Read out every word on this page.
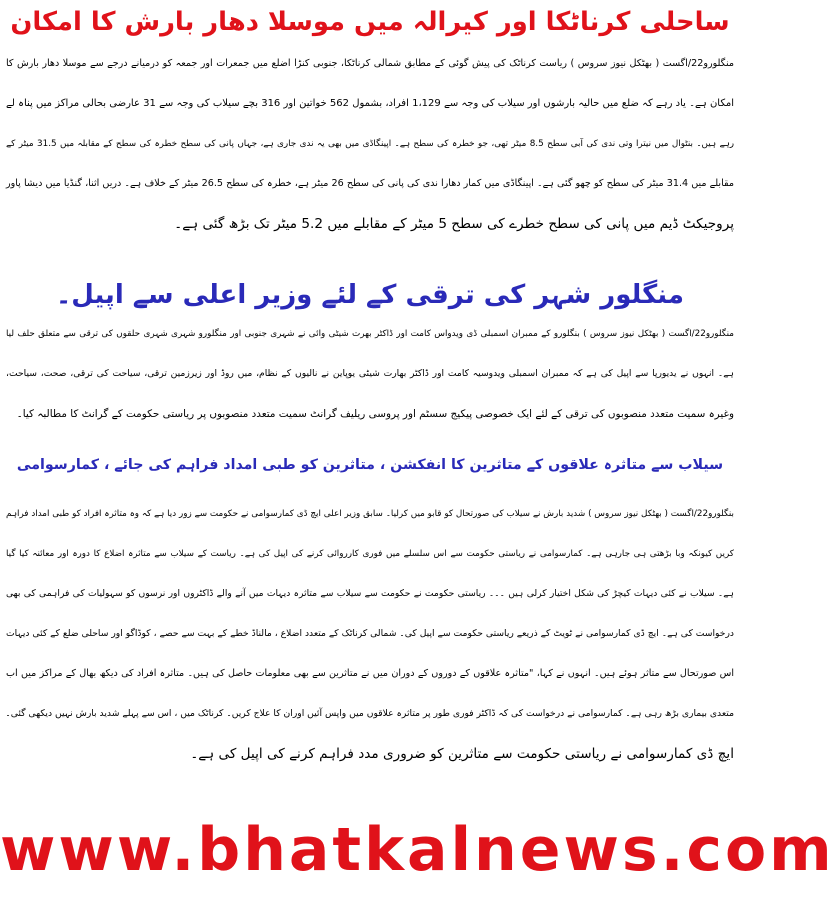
ساحلی کرناٹکا اور کیرالہ میں موسلا دھار بارش کا امکان
منگلورو22/اگست ( بھٹکل نیوز سروس ) ریاست کرناٹک کی پیش گوئی کے مطابق شمالی کرناٹکا، جنوبی کنڑا اضلع میں جمعرات اور جمعہ کو درمیانے درجے سے موسلا دھار بارش کا
امکان ہے۔ یاد رہے کہ ضلع میں حالیہ بارشوں اور سیلاب کی وجہ سے 1،129 افراد، بشمول 562 خواتین اور 316 بچے سیلاب کی وجہ سے 31 عارضی بحالی مراکز میں پناہ لے
رہے ہیں۔ بنٹوال میں نیترا وتی ندی کی آبی سطح 8.5 میٹر تھی، جو خطرہ کی سطح ہے۔ اپینگاڈی میں بھی یہ ندی جاری ہے، جہاں پانی کی سطح خطرہ کی سطح کے مقابلہ میں 31.5 میٹر کے
مقابلے میں 31.4 میٹر کی سطح کو چھو گئی ہے۔ اپینگاڈی میں کمار دھارا ندی کی پانی کی سطح 26 میٹر ہے، خطرہ کی سطح 26.5 میٹر کے خلاف ہے۔ دریں اثنا، گنڈیا میں دیشا پاور
پروجیکٹ ڈیم میں پانی کی سطح خطرے کی سطح 5 میٹر کے مقابلے میں 5.2 میٹر تک بڑھ گئی ہے۔
منگلور شہر کی ترقی کے لئے وزیر اعلی سے اپیل۔
منگلورو22/اگست ( بھٹکل نیوز سروس ) بنگلورو کے ممبران اسمبلی ڈی ویدواس کامت اور ڈاکٹر بھرت شیٹی وائی نے شہری جنوبی اور منگلورو شہری شہری حلقوں کی ترقی سے متعلق حلف لیا
ہے۔ انہوں نے یدیورپا سے اپیل کی ہے کہ ممبران اسمبلی ویدوسیہ کامت اور ڈاکٹر بھارت شیٹی یوپاین نے نالیوں کے نظام، میں روڈ اور زیرزمین ترقی، سیاحت کی ترقی، صحت، سیاحت،
وغیرہ سمیت متعدد منصوبوں کی ترقی کے لئے ایک خصوصی پیکیج سسٹم اور پروسی ریلیف گرانٹ سمیت متعدد منصوبوں پر ریاستی حکومت کے گرانٹ کا مطالبہ کیا۔
سیلاب سے متاثرہ علاقوں کے متاثرین کا انفکشن ، متاثرین کو طبی امداد فراہم کی جائے ، کمارسوامی
بنگلورو22/اگست ( بھٹکل نیوز سروس ) شدید بارش نے سیلاب کی صورتحال کو قابو میں کرلیا۔ سابق وزیر اعلی ایچ ڈی کمارسوامی نے حکومت سے زور دیا ہے کہ وہ متاثرہ افراد کو طبی امداد فراہم
کریں کیونکہ وبا بڑھتی ہی جارہی ہے۔ کمارسوامی نے ریاستی حکومت سے اس سلسلے میں فوری کارروائی کرنے کی اپیل کی ہے۔ ریاست کے سیلاب سے متاثرہ اضلاع کا دورہ اور معائنہ کیا گیا
ہے۔ سیلاب نے کئی دیہات کیچڑ کی شکل اختیار کرلی ہیں ۔۔۔ ریاستی حکومت نے حکومت سے سیلاب سے متاثرہ دیہات میں آنے والے ڈاکٹروں اور نرسوں کو سہولیات کی فراہمی کی بھی
درخواست کی ہے۔ ایچ ڈی کمارسوامی نے ٹویٹ کے ذریعے ریاستی حکومت سے اپیل کی۔ شمالی کرناٹک کے متعدد اضلاع ، مالناڈ خطے کے بہت سے حصے ، کوڈاگو اور ساحلی ضلع کے کئی دیہات
اس صورتحال سے متاثر ہوئے ہیں۔ انہوں نے کہا، "متاثرہ علاقوں کے دوروں کے دوران میں نے متاثرین سے بھی معلومات حاصل کی ہیں۔ متاثرہ افراد کی دیکھ بھال کے مراکز میں اب
متعدی بیماری بڑھ رہی ہے۔ کمارسوامی نے درخواست کی کہ ڈاکٹر فوری طور پر متاثرہ علاقوں میں واپس آئیں اوران کا علاج کریں۔ کرناٹک میں ، اس سے پہلے شدید بارش نہیں دیکھی گئی۔
ایچ ڈی کمارسوامی نے ریاستی حکومت سے متاثرین کو ضروری مدد فراہم کرنے کی اپیل کی ہے۔
www.bhatkalnews.com
